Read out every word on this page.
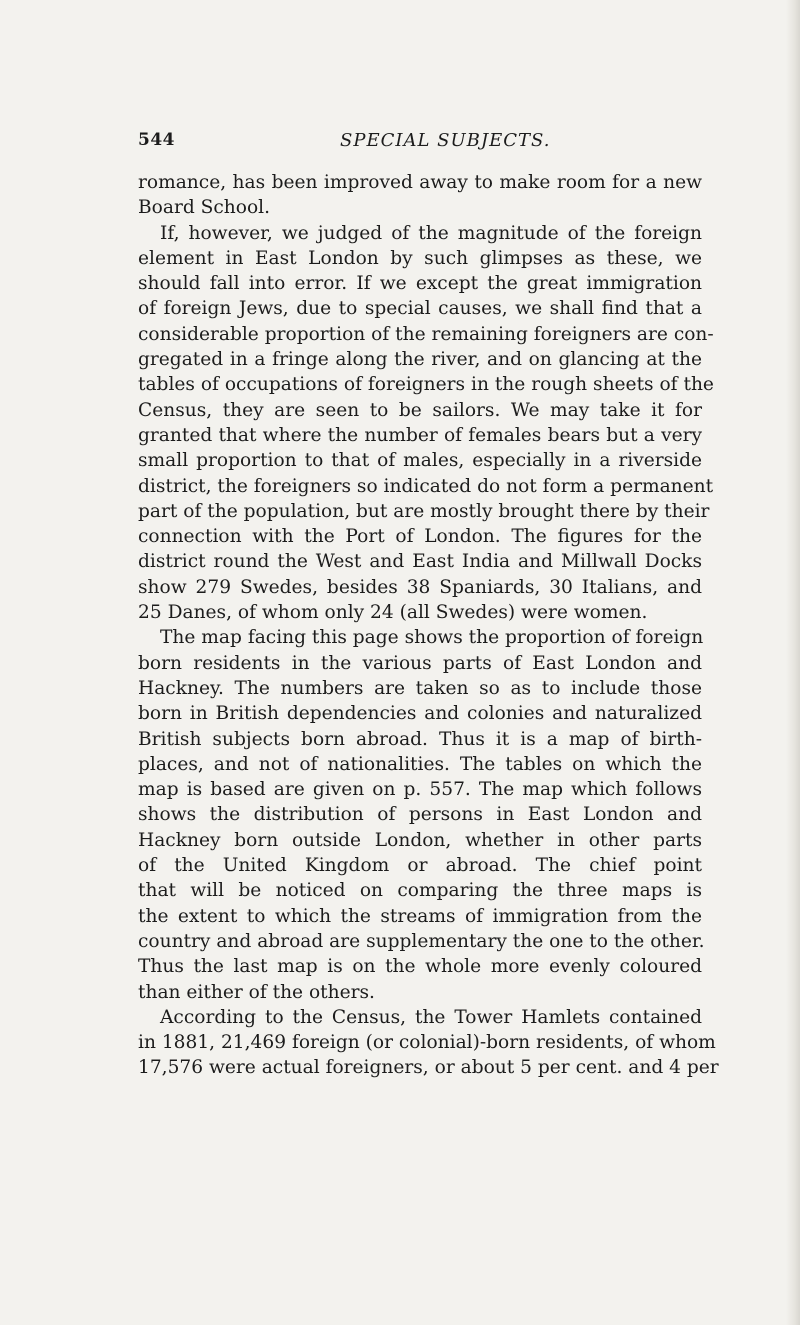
544	SPECIAL SUBJECTS.
romance, has been improved away to make room for a new
Board School.
If, however, we judged of the magnitude of the foreign
element in East London by such glimpses as these, we
should fall into error. If we except the great immigration
of foreign Jews, due to special causes, we shall find that a
considerable proportion of the remaining foreigners are con-
gregated in a fringe along the river, and on glancing at the
tables of occupations of foreigners in the rough sheets of the
Census, they are seen to be sailors. We may take it for
granted that where the number of females bears but a very
small proportion to that of males, especially in a riverside
district, the foreigners so indicated do not form a permanent
part of the population, but are mostly brought there by their
connection with the Port of London. The figures for the
district round the West and East India and Millwall Docks
show 279 Swedes, besides 38 Spaniards, 30 Italians, and
25 Danes, of whom only 24 (all Swedes) were women.
The map facing this page shows the proportion of foreign
born residents in the various parts of East London and
Hackney. The numbers are taken so as to include those
born in British dependencies and colonies and naturalized
British subjects born abroad. Thus it is a map of birth-
places, and not of nationalities. The tables on which the
map is based are given on p. 557. The map which follows
shows the distribution of persons in East London and
Hackney born outside London, whether in other parts
of the United Kingdom or abroad. The chief point
that will be noticed on comparing the three maps is
the extent to which the streams of immigration from the
country and abroad are supplementary the one to the other.
Thus the last map is on the whole more evenly coloured
than either of the others.
According to the Census, the Tower Hamlets contained
in 1881, 21,469 foreign (or colonial)-born residents, of whom
17,576 were actual foreigners, or about 5 per cent. and 4 per
